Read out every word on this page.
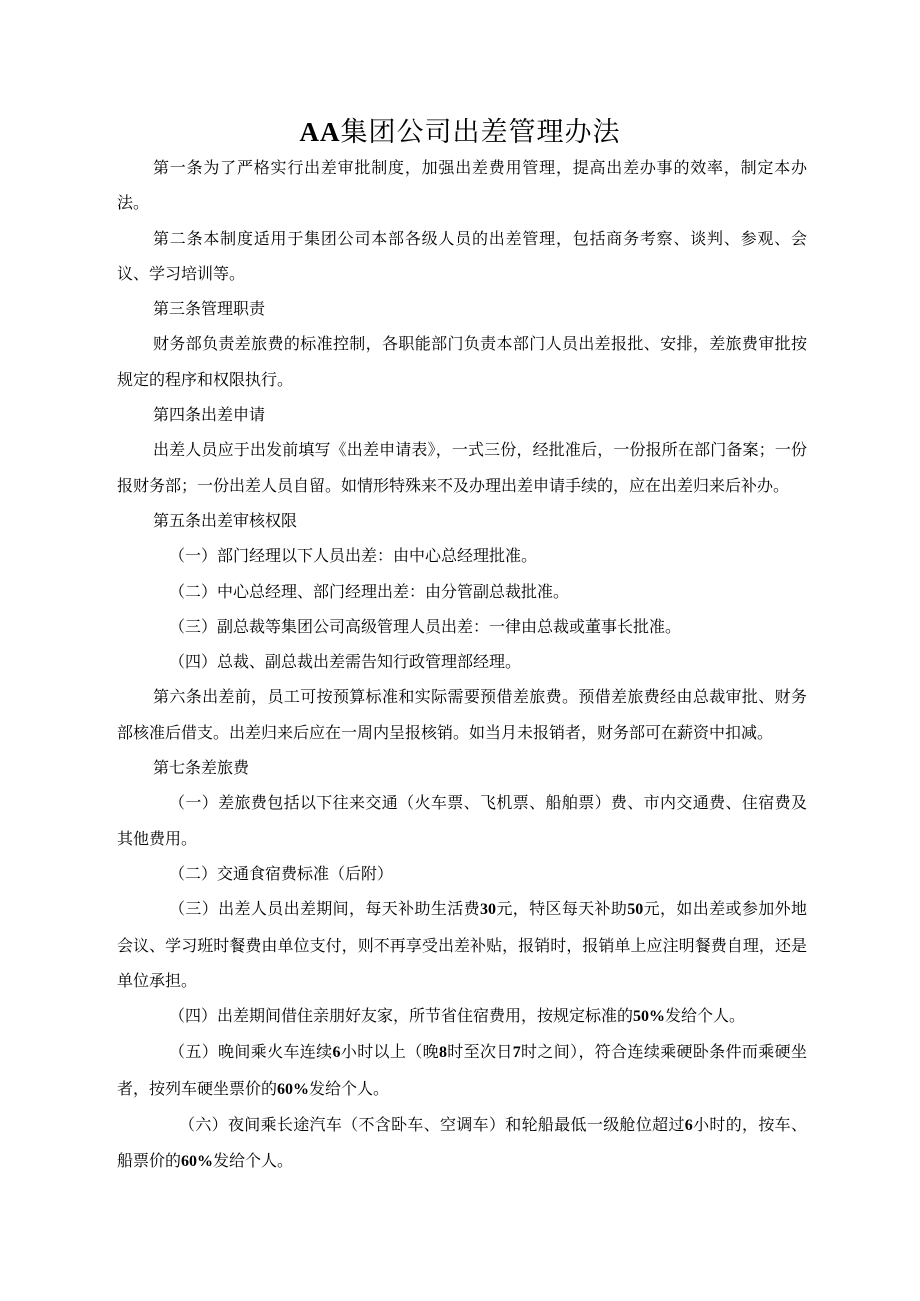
AA集团公司出差管理办法

第一条为了严格实行出差审批制度，加强出差费用管理，提高出差办事的效率，制定本办法。

第二条本制度适用于集团公司本部各级人员的出差管理，包括商务考察、谈判、参观、会议、学习培训等。

第三条管理职责

财务部负责差旅费的标准控制，各职能部门负责本部门人员出差报批、安排，差旅费审批按规定的程序和权限执行。

第四条出差申请

出差人员应于出发前填写《出差申请表》，一式三份，经批准后，一份报所在部门备案；一份报财务部；一份出差人员自留。如情形特殊来不及办理出差申请手续的，应在出差归来后补办。

第五条出差审核权限

（一）部门经理以下人员出差：由中心总经理批准。

（二）中心总经理、部门经理出差：由分管副总裁批准。

（三）副总裁等集团公司高级管理人员出差：一律由总裁或董事长批准。

（四）总裁、副总裁出差需告知行政管理部经理。

第六条出差前，员工可按预算标准和实际需要预借差旅费。预借差旅费经由总裁审批、财务部核准后借支。出差归来后应在一周内呈报核销。如当月未报销者，财务部可在薪资中扣减。

第七条差旅费

（一）差旅费包括以下往来交通（火车票、飞机票、船舶票）费、市内交通费、住宿费及其他费用。

（二）交通食宿费标准（后附）

（三）出差人员出差期间，每天补助生活费30元，特区每天补助50元，如出差或参加外地会议、学习班时餐费由单位支付，则不再享受出差补贴，报销时，报销单上应注明餐费自理，还是单位承担。

（四）出差期间借住亲朋好友家，所节省住宿费用，按规定标准的50%发给个人。

（五）晚间乘火车连续6小时以上（晚8时至次日7时之间），符合连续乘硬卧条件而乘硬坐者，按列车硬坐票价的60%发给个人。

（六）夜间乘长途汽车（不含卧车、空调车）和轮船最低一级舱位超过6小时的，按车、船票价的60%发给个人。
